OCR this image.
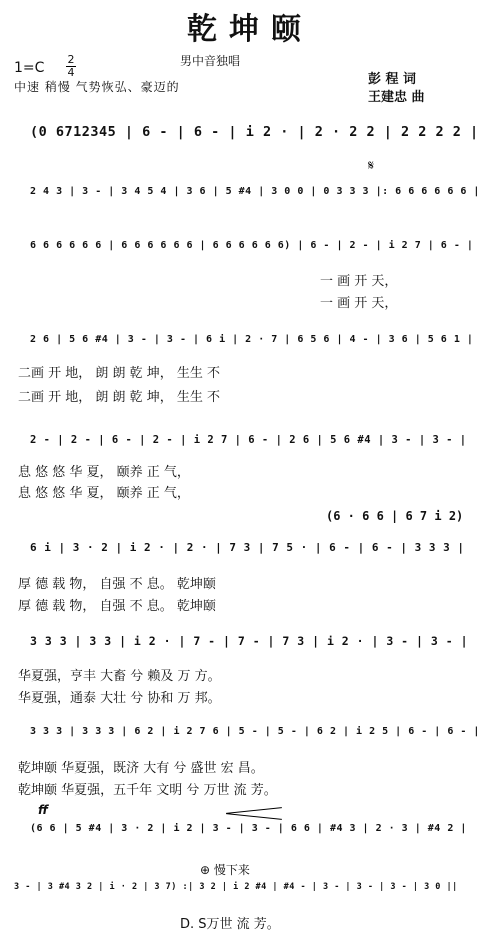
乾坤颐
男中音独唱
1=C
2
4
中速 稍慢 气势恢弘、豪迈的	彭 程 词
王建忠 曲
𝄋
(0 6712345 | 6 - | 6 - | i 2 · | 2 · 2 2 | 2 2 2 2 |
2 4 3 | 3 - | 3 4 5 4 | 3 6 | 5 #4 | 3 0 0 | 0 3 3 3 |: 6 6 6 6 6 6 |
6 6 6 6 6 6 | 6 6 6 6 6 6 | 6 6 6 6 6 6) | 6 - | 2 - | i 2 7 | 6 - |
一 画 开 天，
一 画 开 天，
2 6 | 5 6 #4 | 3 - | 3 - | 6 i | 2 · 7 | 6 5 6 | 4 - | 3 6 | 5 6 1 |
二画 开 地， 朗 朗 乾 坤， 生生 不
二画 开 地， 朗 朗 乾 坤， 生生 不
2 - | 2 - | 6 - | 2 - | i 2 7 | 6 - | 2 6 | 5 6 #4 | 3 - | 3 - |
息 悠 悠 华 夏， 颐养 正 气，
息 悠 悠 华 夏， 颐养 正 气，
(6 · 6 6 | 6 7 i 2)
6 i | 3 · 2 | i 2 · | 2 · | 7 3 | 7 5 · | 6 - | 6 - | 3 3 3 |
厚 德 载 物， 自强 不 息。 乾坤颐
厚 德 载 物， 自强 不 息。 乾坤颐
3 3 3 | 3 3 | i 2 · | 7 - | 7 - | 7 3 | i 2 · | 3 - | 3 - |
华夏强，亨丰 大畜 兮 赖及 万 方。
华夏强，通泰 大壮 兮 协和 万 邦。
3 3 3 | 3 3 3 | 6 2 | i 2 7 6 | 5 - | 5 - | 6 2 | i 2 5 | 6 - | 6 - |
乾坤颐 华夏强，既济 大有 兮 盛世 宏 昌。
乾坤颐 华夏强，五千年 文明 兮 万世 流 芳。
ff
(6 6 | 5 #4 | 3 · 2 | i 2 | 3 - | 3 - | 6 6 | #4 3 | 2 · 3 | #4 2 |
⊕ 慢下来
3 - | 3 #4 3 2 | i · 2 | 3 7) :| 3 2 | i 2 #4 | #4 - | 3 - | 3 - | 3 - | 3 0 ||
D. S万世 流 芳。
